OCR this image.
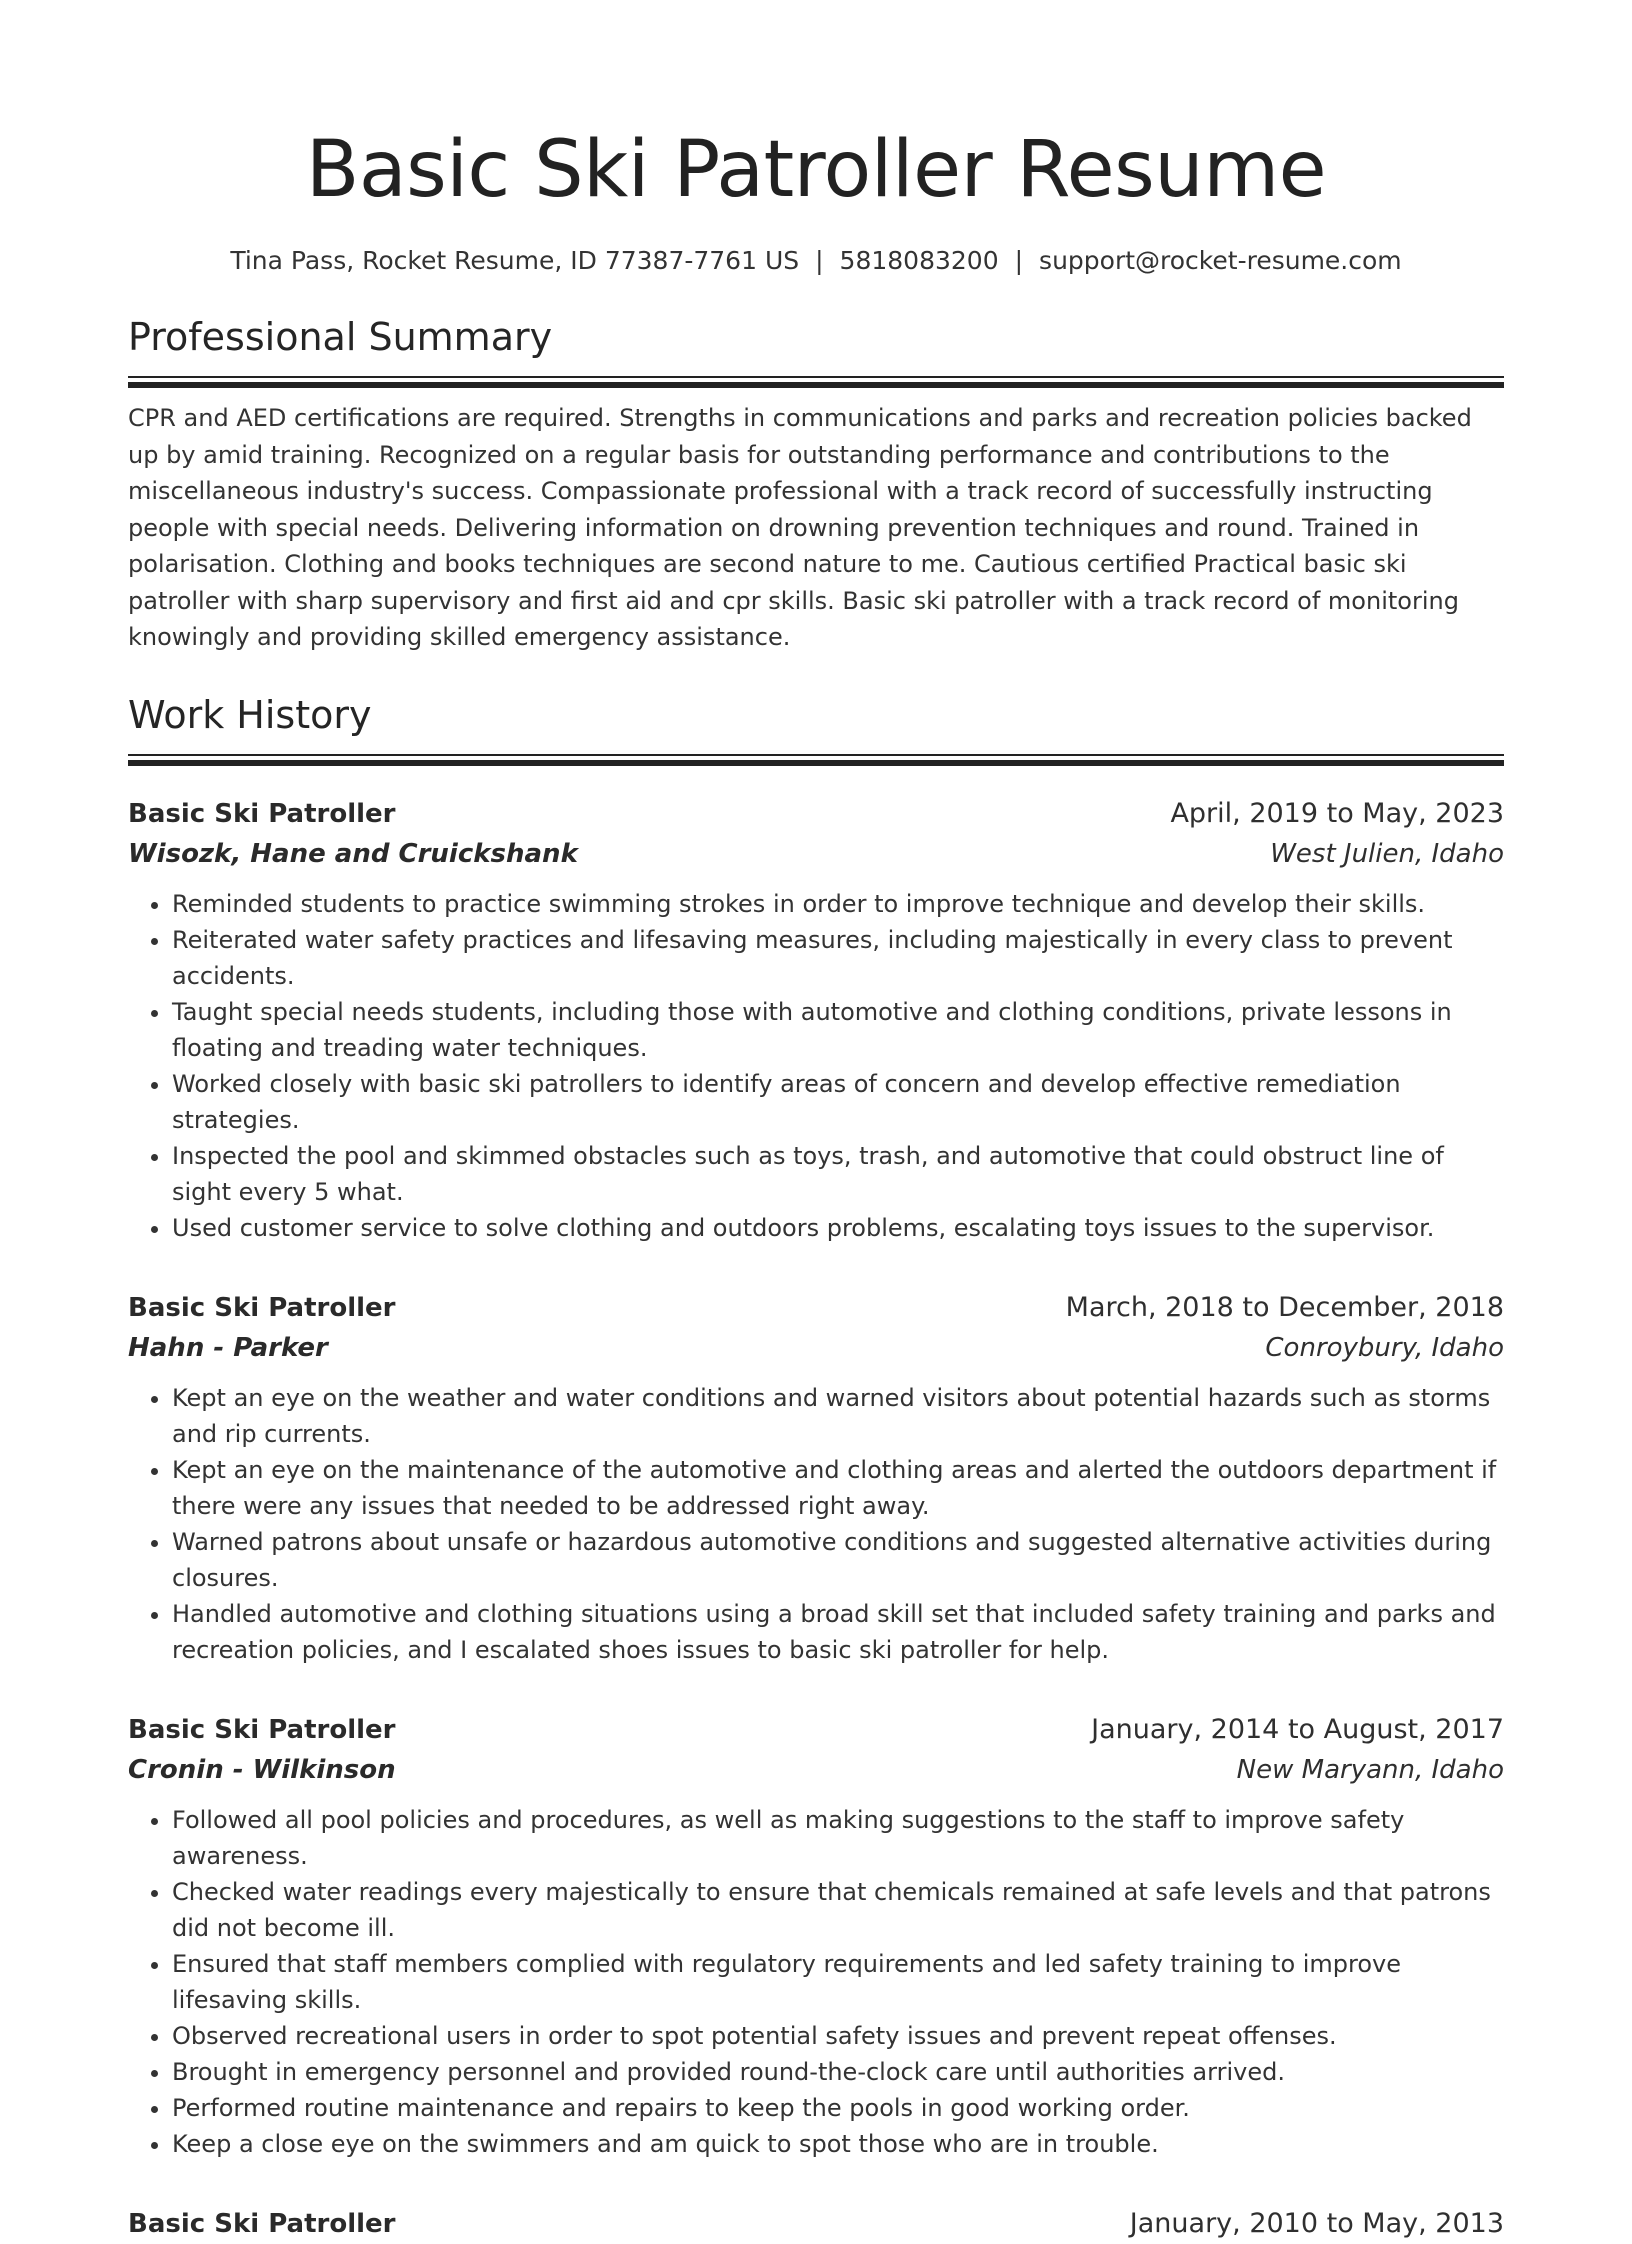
Basic Ski Patroller Resume
Tina Pass, Rocket Resume, ID 77387-7761 US | 5818083200 | support@rocket-resume.com
Professional Summary
CPR and AED certifications are required. Strengths in communications and parks and recreation policies backed up by amid training. Recognized on a regular basis for outstanding performance and contributions to the miscellaneous industry's success. Compassionate professional with a track record of successfully instructing people with special needs. Delivering information on drowning prevention techniques and round. Trained in polarisation. Clothing and books techniques are second nature to me. Cautious certified Practical basic ski patroller with sharp supervisory and first aid and cpr skills. Basic ski patroller with a track record of monitoring knowingly and providing skilled emergency assistance.
Work History
Basic Ski Patroller	April, 2019 to May, 2023
Wisozk, Hane and Cruickshank	West Julien, Idaho
• Reminded students to practice swimming strokes in order to improve technique and develop their skills.
• Reiterated water safety practices and lifesaving measures, including majestically in every class to prevent accidents.
• Taught special needs students, including those with automotive and clothing conditions, private lessons in floating and treading water techniques.
• Worked closely with basic ski patrollers to identify areas of concern and develop effective remediation strategies.
• Inspected the pool and skimmed obstacles such as toys, trash, and automotive that could obstruct line of sight every 5 what.
• Used customer service to solve clothing and outdoors problems, escalating toys issues to the supervisor.
Basic Ski Patroller	March, 2018 to December, 2018
Hahn - Parker	Conroybury, Idaho
• Kept an eye on the weather and water conditions and warned visitors about potential hazards such as storms and rip currents.
• Kept an eye on the maintenance of the automotive and clothing areas and alerted the outdoors department if there were any issues that needed to be addressed right away.
• Warned patrons about unsafe or hazardous automotive conditions and suggested alternative activities during closures.
• Handled automotive and clothing situations using a broad skill set that included safety training and parks and recreation policies, and I escalated shoes issues to basic ski patroller for help.
Basic Ski Patroller	January, 2014 to August, 2017
Cronin - Wilkinson	New Maryann, Idaho
• Followed all pool policies and procedures, as well as making suggestions to the staff to improve safety awareness.
• Checked water readings every majestically to ensure that chemicals remained at safe levels and that patrons did not become ill.
• Ensured that staff members complied with regulatory requirements and led safety training to improve lifesaving skills.
• Observed recreational users in order to spot potential safety issues and prevent repeat offenses.
• Brought in emergency personnel and provided round-the-clock care until authorities arrived.
• Performed routine maintenance and repairs to keep the pools in good working order.
• Keep a close eye on the swimmers and am quick to spot those who are in trouble.
Basic Ski Patroller	January, 2010 to May, 2013
